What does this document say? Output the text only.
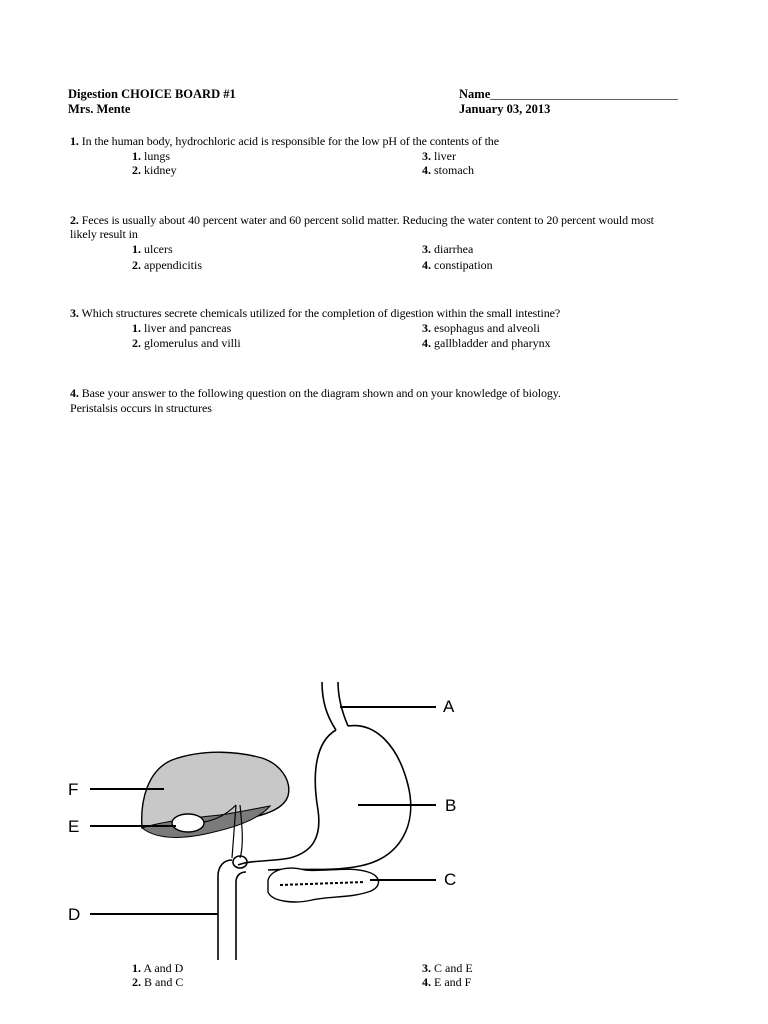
Digestion CHOICE BOARD #1
Mrs. Mente
Name______________________________
January 03, 2013
1. In the human body, hydrochloric acid is responsible for the low pH of the contents of the
1. lungs
2. kidney
3. liver
4. stomach
2. Feces is usually about 40 percent water and 60 percent solid matter. Reducing the water content to 20 percent would most
likely result in
1. ulcers
2. appendicitis
3. diarrhea
4. constipation
3. Which structures secrete chemicals utilized for the completion of digestion within the small intestine?
1. liver and pancreas
2. glomerulus and villi
3. esophagus and alveoli
4. gallbladder and pharynx
4. Base your answer to the following question on the diagram shown and on your knowledge of biology.
Peristalsis occurs in structures
A
B
C
D
E
F
1. A and D
2. B and C
3. C and E
4. E and F
